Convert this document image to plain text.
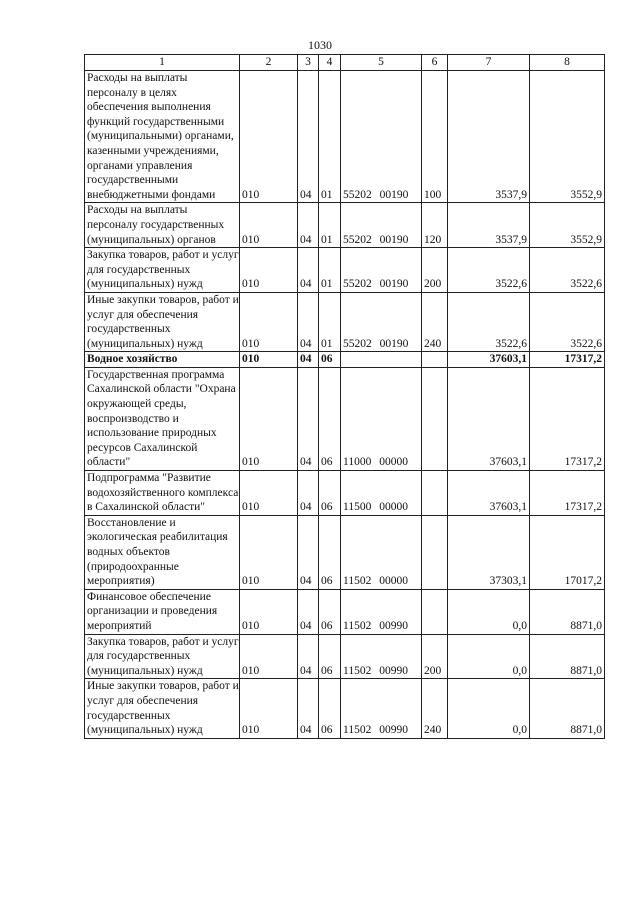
1030
1	2	3	4	5	6	7	8
Расходы на выплаты персоналу в целях обеспечения выполнения функций государственными (муниципальными) органами, казенными учреждениями, органами управления государственными внебюджетными фондами	010	04	01	55202 00190	100	3537,9	3552,9
Расходы на выплаты персоналу государственных (муниципальных) органов	010	04	01	55202 00190	120	3537,9	3552,9
Закупка товаров, работ и услуг для государственных (муниципальных) нужд	010	04	01	55202 00190	200	3522,6	3522,6
Иные закупки товаров, работ и услуг для обеспечения государственных (муниципальных) нужд	010	04	01	55202 00190	240	3522,6	3522,6
Водное хозяйство	010	04	06			37603,1	17317,2
Государственная программа Сахалинской области "Охрана окружающей среды, воспроизводство и использование природных ресурсов Сахалинской области"	010	04	06	11000 00000		37603,1	17317,2
Подпрограмма "Развитие водохозяйственного комплекса в Сахалинской области"	010	04	06	11500 00000		37603,1	17317,2
Восстановление и экологическая реабилитация водных объектов (природоохранные мероприятия)	010	04	06	11502 00000		37303,1	17017,2
Финансовое обеспечение организации и проведения мероприятий	010	04	06	11502 00990		0,0	8871,0
Закупка товаров, работ и услуг для государственных (муниципальных) нужд	010	04	06	11502 00990	200	0,0	8871,0
Иные закупки товаров, работ и услуг для обеспечения государственных (муниципальных) нужд	010	04	06	11502 00990	240	0,0	8871,0
